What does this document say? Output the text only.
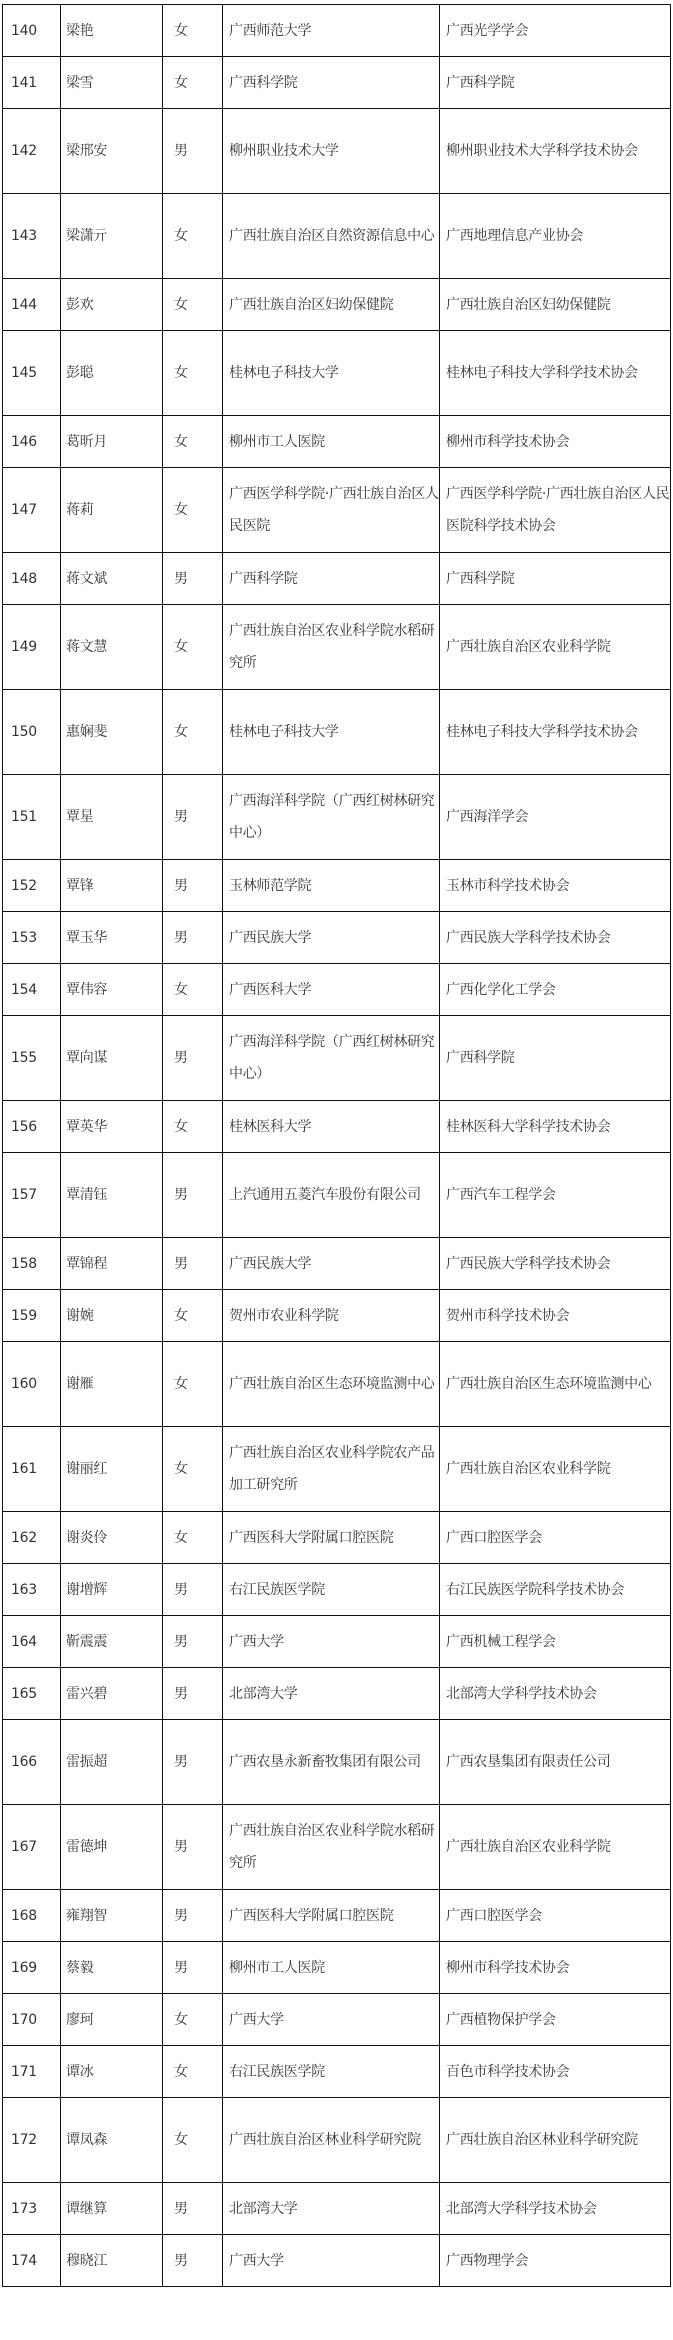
140	梁艳	女	广西师范大学	广西光学学会
141	梁雪	女	广西科学院	广西科学院
142	梁邢安	男	柳州职业技术大学	柳州职业技术大学科学技术协会
143	梁潇亓	女	广西壮族自治区自然资源信息中心	广西地理信息产业协会
144	彭欢	女	广西壮族自治区妇幼保健院	广西壮族自治区妇幼保健院
145	彭聪	女	桂林电子科技大学	桂林电子科技大学科学技术协会
146	葛昕月	女	柳州市工人医院	柳州市科学技术协会
147	蒋莉	女	广西医学科学院·广西壮族自治区人民医院	广西医学科学院·广西壮族自治区人民医院科学技术协会
148	蒋文斌	男	广西科学院	广西科学院
149	蒋文慧	女	广西壮族自治区农业科学院水稻研究所	广西壮族自治区农业科学院
150	惠娴斐	女	桂林电子科技大学	桂林电子科技大学科学技术协会
151	覃星	男	广西海洋科学院（广西红树林研究中心）	广西海洋学会
152	覃锋	男	玉林师范学院	玉林市科学技术协会
153	覃玉华	男	广西民族大学	广西民族大学科学技术协会
154	覃伟容	女	广西医科大学	广西化学化工学会
155	覃向谋	男	广西海洋科学院（广西红树林研究中心）	广西科学院
156	覃英华	女	桂林医科大学	桂林医科大学科学技术协会
157	覃清钰	男	上汽通用五菱汽车股份有限公司	广西汽车工程学会
158	覃锦程	男	广西民族大学	广西民族大学科学技术协会
159	谢婉	女	贺州市农业科学院	贺州市科学技术协会
160	谢雁	女	广西壮族自治区生态环境监测中心	广西壮族自治区生态环境监测中心
161	谢丽红	女	广西壮族自治区农业科学院农产品加工研究所	广西壮族自治区农业科学院
162	谢炎伶	女	广西医科大学附属口腔医院	广西口腔医学会
163	谢增辉	男	右江民族医学院	右江民族医学院科学技术协会
164	靳震震	男	广西大学	广西机械工程学会
165	雷兴碧	男	北部湾大学	北部湾大学科学技术协会
166	雷振超	男	广西农垦永新畜牧集团有限公司	广西农垦集团有限责任公司
167	雷德坤	男	广西壮族自治区农业科学院水稻研究所	广西壮族自治区农业科学院
168	雍翔智	男	广西医科大学附属口腔医院	广西口腔医学会
169	蔡毅	男	柳州市工人医院	柳州市科学技术协会
170	廖珂	女	广西大学	广西植物保护学会
171	谭冰	女	右江民族医学院	百色市科学技术协会
172	谭凤森	女	广西壮族自治区林业科学研究院	广西壮族自治区林业科学研究院
173	谭继算	男	北部湾大学	北部湾大学科学技术协会
174	穆晓江	男	广西大学	广西物理学会
